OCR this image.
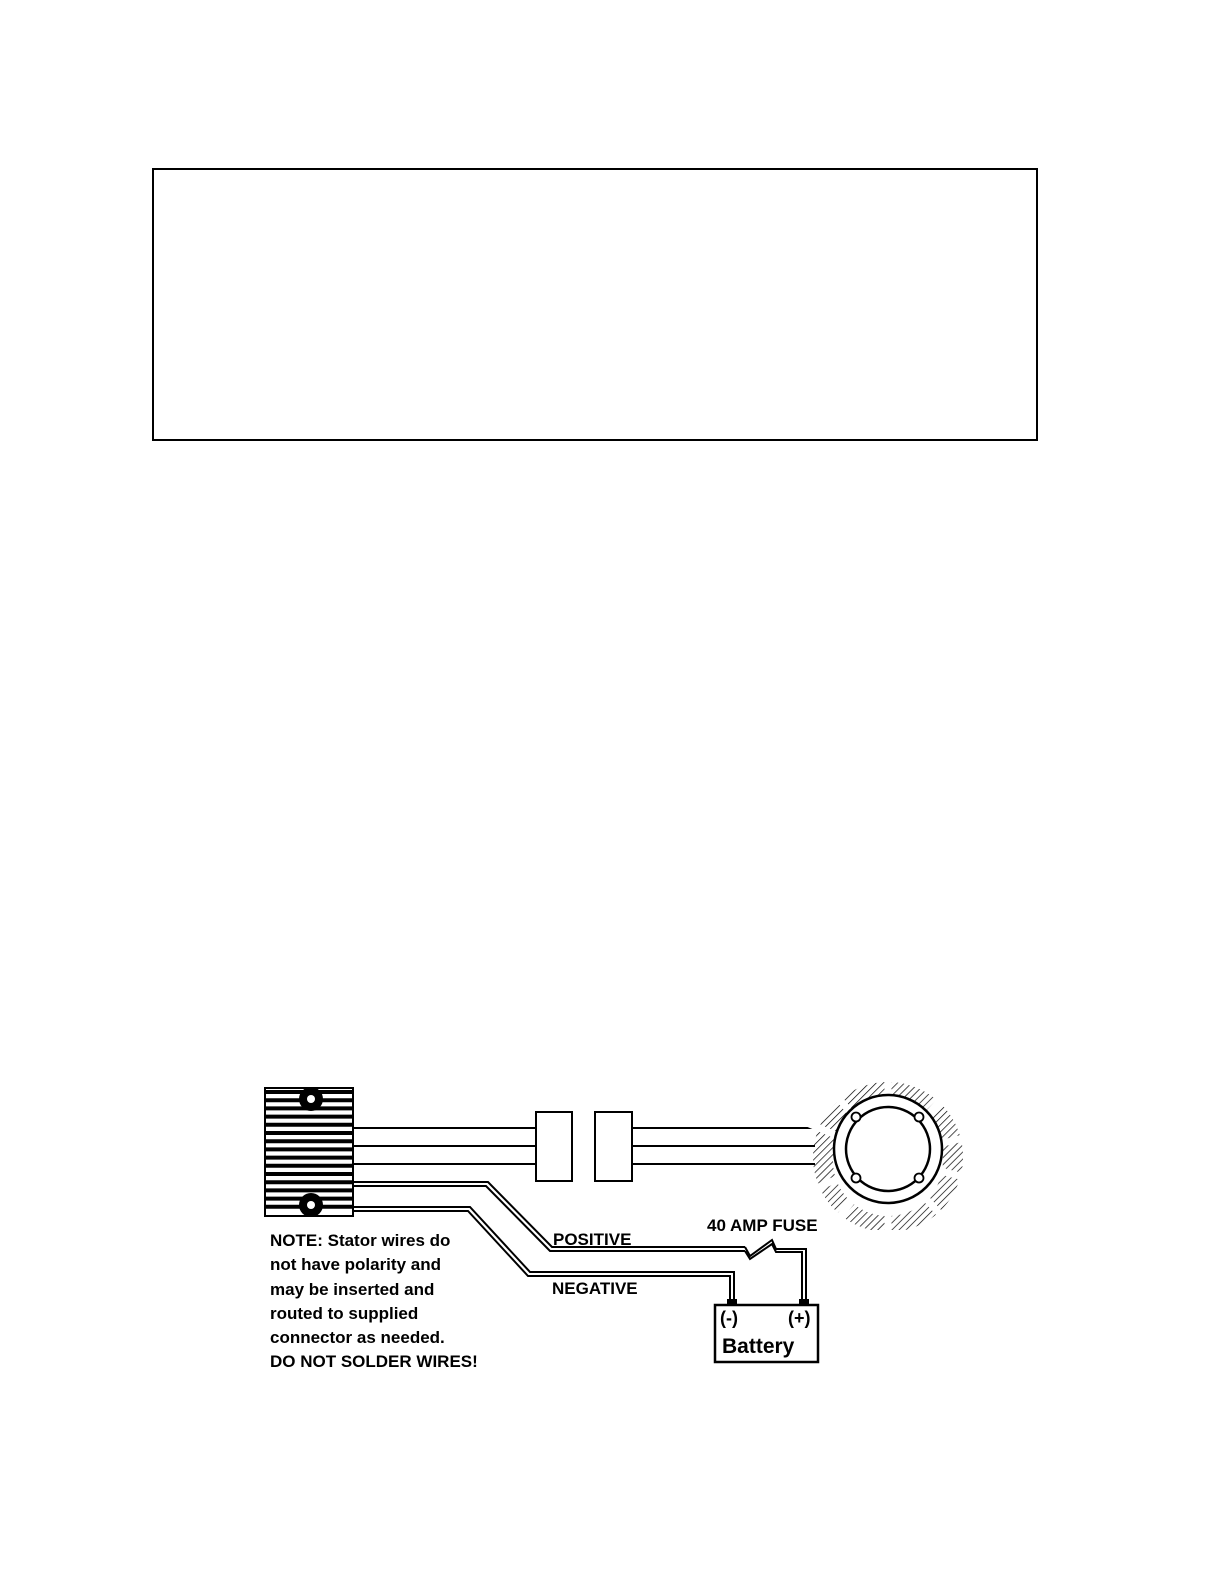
(-)	(+)
Battery
POSITIVE
NEGATIVE
40 AMP FUSE
NOTE: Stator wires do
not have polarity and
may be inserted and
routed to supplied
connector as needed.
DO NOT SOLDER WIRES!
